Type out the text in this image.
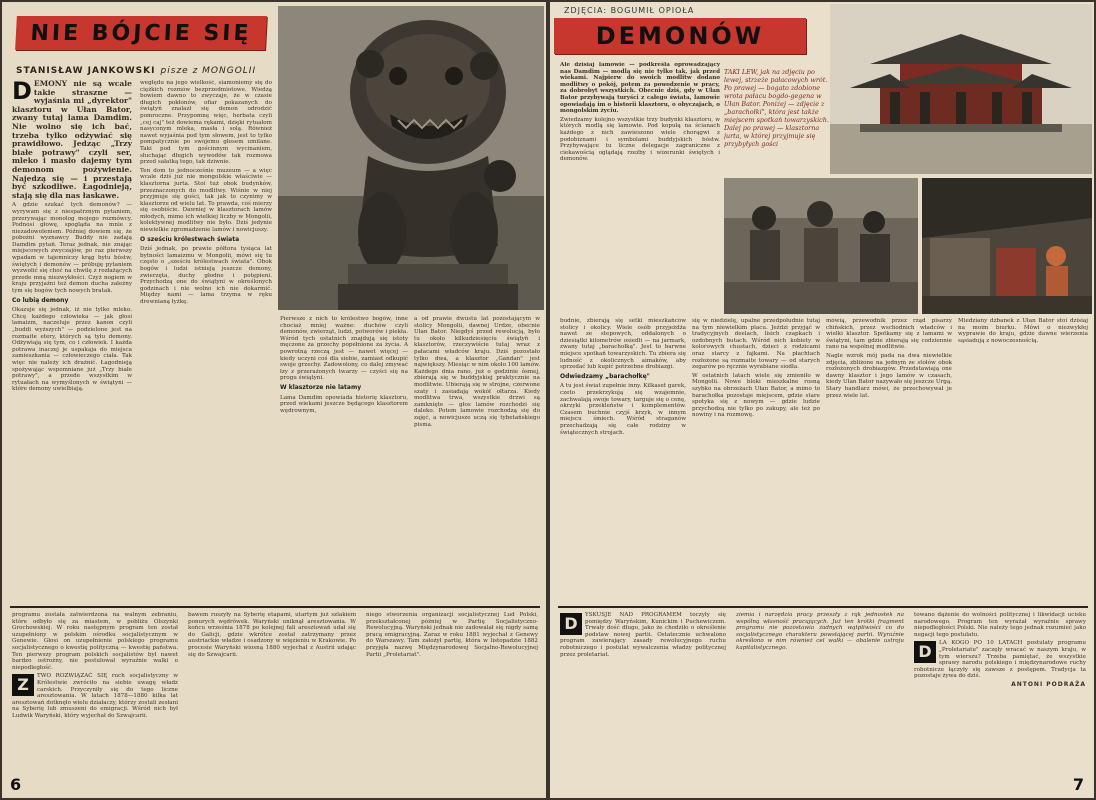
NIE BÓJCIE SIĘ
STANISŁAW JANKOWSKI pisze z MONGOLII

D EMONY nie są wcale takie straszne — wyjaśnia mi „dyrektor" klasztoru w Ułan Bator, zwany tutaj lama Damdim. Nie wolno się ich bać, trzeba tylko odżywiać się prawidłowo. Jedząc „Trzy białe potrawy" czyli ser, mleko i masło dajemy tym demonom pożywienie. Najedzą się — i przestają być szkodliwe. Łagodnieją, stają się dla nas łaskawe.

A gdzie szukać tych demonów? — wyrywam się z niespatrznym pytaniem, przerywając monolog mojego rozmówcy. Podnosi głowę, spogląda na mnie z niezadowoleniem. Później dowiem się, że pobożni wyznawcy Buddy nie zadają Damdim pytań. Teraz jednak, nie znając miejscowych zwyczajów, po raz pierwszy wpadam w tajemniczy krąg bytu bóstw, świętych i demonów — próbuję pytaniem wyzwolić się choć na chwilę z rozłażących przede mną niezwykłości. Czyż nogiem w kraju przyjaźni też demon ducha zależny tym się bogów tych nowych bratak.

Co lubią demony

Okazuje się jednak, iż nie tylko mleko. Chcę każdego człowieka — jak głosi lamaizm, naczeluje przez kanon czyli „buddi wyższych" — podzielone jest na rozmaite etery, których są tyłu demony. Odżywiają się tym, co i człowiek. I każda potrawa inaczej je uspakaja do miejsca zamieszkania — człowieczego ciała. Tak więc nie należy ich drażnić. Łagodnieją spożywając wspomniane już „Trzy białe potrawy", a przede wszystkim w rytuałach na wymyślonych w świątyni — które demony uwielbiają.

wegłędu na jego wielkość, siamoniemy się do ciężkich rozmów bezprzedmiotowe. Wiedzą bowiem dawno to zwyczaje, że w czasie długich pokłonów, ofiar pokazanych do świątyń znalazł się demon odrodzić pomroczne. Przypomnę więc, herbata czyli „cej caj" też dowiema rękami, dzięki rytuałom nasyconym mleka, masła i solą. Również nawet wyjaśnia pod tym słowem, jest to tylko pompatycznie po swojemu głosem umilane. Taki pod tym gościnnym wycinaniem, słuchając długich wywodów tak rozmowa przed sałatką tego, tak dziwnie.

Ten dom to jednocześnie muzeum — a więc wcale dziś już nie mongolskie właściwie — klasztorna jurta. Stoi tuż obok budynków, przeznaczonych do modlitwy. Wiśnie w niej przyjmuje się gości, tak jak to czynimy w klasztorze od wielu lat. To prawda, coś mierzy się osobiście. Dawniej w klasztorach lamów młodych, mimo ich wielkiej liczby w Mongolii, kolektywnej modlitwy nie było. Dziś jedynie niewielkie zgromadzenie lamów i nowicjuszy.

O sześciu królestwach świata

Dziś jednak, po prawie półtora tysiąca lat bytności lamaizmu w Mongolii, mówi się tu często o „sześciu królestwach świata". Obok bogów i ludzi istnieją jeszcze demony, zwierzęta, duchy głodne i potępieni. Przychodzą one do świątyni w określonych godzinach i nie wolno ich nie dokarmić. Między nami — lama trzyma w ręku drewnianą łyżkę.

Pierwsze z nich to królestwo bogów, inne chociaż mniej ważne: duchów czyli demonów, zwierząt, ludzi, potworów i piekła. Wśród tych ostatnich znajdują się istoty męczone za grzechy popełnione za życia. A powrotną rzeczą jest — nawet więcej — kiedy uczyni coś dla siebie, zamiast odkupić swoje grzechy. Zadowolony, co dalej zmywać łzy z przerażonych twarzy — czyści się na progu świątyni.

W klasztorze nie latamy

Lama Damdim opowiada historię klasztoru, przed wiekami jeszcze będącego klasztorem wędrownym,

a od prawie dwustu lat pozostającym w stolicy Mongolii, dawnej Urdze, obecnie Ułan Bator. Niegdyś przed rewolucją, było tu około kilkudziesięciu świątyń i klasztorów, rzeczywiście tutaj wraz z pałacami władców kraju. Dziś pozostało tylko dwa, a klasztor „Gandan" jest największy. Miesiąc w nim około 100 lamów. Każdego dnia rano, już o godzinie ósmej, zbierają się w buddyjskiej praktycznie na modlitwie. Ubierają się w strojne, czerwone szaty i zasiadają wokół ołtarza. Kiedy modlitwa trwa, wszystkie drzwi są zamknięte — głos lamów rozchodzi się daleko. Potem lamowie rozchodzą się do zajęć, a nowicjusze uczą się tybetańskiego pisma.

programu została zatwierdzona na walnym zebraniu, które odbyło się za miastem, w pobliżu Olszynki Grochowskiej. W roku następnym program ten został uzupełniony w polskim ośrodku socjalistycznym w Genewie. Głosi on uzupełnienie polskiego programu socjalistycznego o kwestię polityczną — kwestię państwa. Ten pierwszy program polskich socjalistów był nawet bardzo ostrożny, nie postulował wyraźnie walki o niepodległość.

Z	TWO ROZWIĄZAĆ SIĘ ruch socjalistyczny w Królestwie zwróciło na siebie uwagę władz carskich. Przyczyniły się do tego liczne aresztowania. W latach 1878—1880 kilka lat aresztowań dotknęło wielu działaczy, którzy zostali zesłani na Syberię lub zmuszeni do emigracji. Wśród nich był Ludwik Waryński, który wyjechał do Szwajcarii.

bawem ruszyły na Syberię etapami, utartym już szlakiem ponurych wędrówek. Waryński uniknął aresztowania. W końcu września 1878 po kolejnej fali aresztowań udał się do Galicji, gdzie wkrótce został zatrzymany przez austriackie władze i osadzony w więzieniu w Krakowie. Po procesie Waryński wiosną 1880 wyjechał z Austrii udając się do Szwajcarii.

niego stworzenia organizacji socjalistycznej Lud Polski, przekształconej później w Partię Socjalistyczno-Rewolucyjną. Waryński jednak nie zadowalał się nigdy samą pracą emigracyjną. Zaraz w roku 1881 wyjechał z Genewy do Warszawy. Tam założył partię, która w listopadzie 1882 przyjęła nazwę Międzynarodowej Socjalno-Rewolucyjnej Partii „Proletariat".

6
ZDJĘCIA: BOGUMIŁ OPIOŁA
DEMONÓW
TAKI LEW, jak na zdjęciu po lewej, strzeże pałacowych wrót. Po prawej — bogato zdobione wrota pałacu bogdo-gegena w Ułan Bator. Poniżej — zdjęcie z „barachołki", która jest także miejscem spotkań towarzyskich. Dalej po prawej — klasztorna jurta, w której przyjmuje się przybyłych gości

Ale dzisiaj lamowie — podkreśla oprowadzający nas Damdim — modlą się nie tylko tak, jak przed wiekami. Najpierw do swoich modlitw dodano modlitwy o pokój, potem za powodzenie w pracy, za dobrobyt wszystkich. Obecnie dziś, gdy w Ułan Bator przybywają turyści z całego świata, lamowie opowiadają im o historii klasztoru, o obyczajach, o mongolskim życiu.

Zwiedzamy kolejno wszystkie trzy budynki klasztoru, w których modlą się lamowie. Pod kopułą na ścianach każdego z nich zawieszono wiele chorągwi z podobiznami i symbolami buddyjskich bóstw. Przybywające tu liczne delegacje zagraniczne z ciekawością oglądają rzeźby i wizerunki świętych i demonów.

budnie, zbierają się setki mieszkańców stolicy i okolicy. Wiele osób przyjeżdża nawet ze stepowych, oddalonych o dziesiątki kilometrów osiedli — na jarmark, zwany tutaj „barachołką". Jest to barwne miejsce spotkań towarzyskich. Tu zbiera się ludność z okolicznych aimaków, aby sprzedać lub kupić potrzebne drobiazgi.

Odwiedzamy „barachołkę"

A tu jest świat zupełnie inny. Kilkaset garek, czeto przekrzykują się wzajemnie, zachwalają swoje towary, targuje się o cenę, okrzyki przekleństw i komplementów. Czasem buchnie czyjś krzyk, w innym miejscu śmiech. Wśród straganów przechadzają się całe rodziny w świątecznych strojach.

się w niedzielę, upalne przedpołudnie tutaj na tym niewielkim placu. Jeździ przyjąć w tradycyjnych deelach, lisich czapkach i ozdobnych butach. Wśród nich kobiety w kolorowych chustach, dzieci z rodzicami oraz starcy z fajkami. Na płachtach rozłożone są rozmaite towary — od starych zegarów po ręcznie wyrabiane siodła.

W ostatnich latach wiele się zmieniło w Mongolii. Nowe bloki mieszkalne rosną szybko na obrzeżach Ułan Bator, a mimo to barachołka pozostaje miejscem, gdzie stare spotyka się z nowym — gdzie ludzie przychodzą nie tylko po zakupy, ale też po nowiny i na rozmowę.

mówią, przewodnik przez rząd pisarzy chińskich, przez wschodnich władców i wielki klasztor. Spotkamy się z lamami w świątyni, tam gdzie zbierają się codziennie rano na wspólnej modlitwie.

Nagle wzrok mój pada na dwa niewielkie zdjęcia, zbliżone na jednym ze stołów obok rozłożonych drobiazgów. Przedstawiają one dawny klasztor i jego lamów w czasach, kiedy Ułan Bator nazywało się jeszcze Urgą. Stary handlarz mówi, że przechowywał je przez wiele lat.

Miedziany dzbanek z Ułan Bator stoi dzisiaj na moim biurku. Mówi o niezwykłej wyprawie do kraju, gdzie dawne wierzenia sąsiadują z nowoczesnością.

D	YSKUSJE NAD PROGRAMEM toczyły się pomiędzy Waryńskim, Kunickim i Puchewiczem. Trwały dość długo, jako że chodziło o określenie podstaw nowej partii. Ostatecznie uchwalono program zawierający zasady rewolucyjnego ruchu robotniczego i postulat wywalczenia władzy politycznej przez proletariat.

ziemia i narzędzia pracy przeszły z rąk jednostek na wspólną własność pracujących. Już ten krótki fragment programu nie pozostawia żadnych wątpliwości co do socjalistycznego charakteru powstającej partii. Wyraźnie określono w nim również cel walki — obalenie ustroju kapitalistycznego.

towano dążenie do wolności politycznej i likwidacji ucisku narodowego. Program ten wyrażał wyraźnie sprawy niepodległości Polski. Nie należy tego jednak rozumieć jako negacji tego postulatu.

D	LA KOGO PO 10 LATACH postulaty programu „Proletariatu" zaczęły wracać w naszym kraju, w tym wierszu? Trzeba pamiętać, że wszystkie sprawy narodu polskiego i międzynarodowe ruchy robotnicze łączyły się zawsze z postępem. Tradycja ta pozostaje żywa do dziś.

ANTONI PODRAŻA
7
